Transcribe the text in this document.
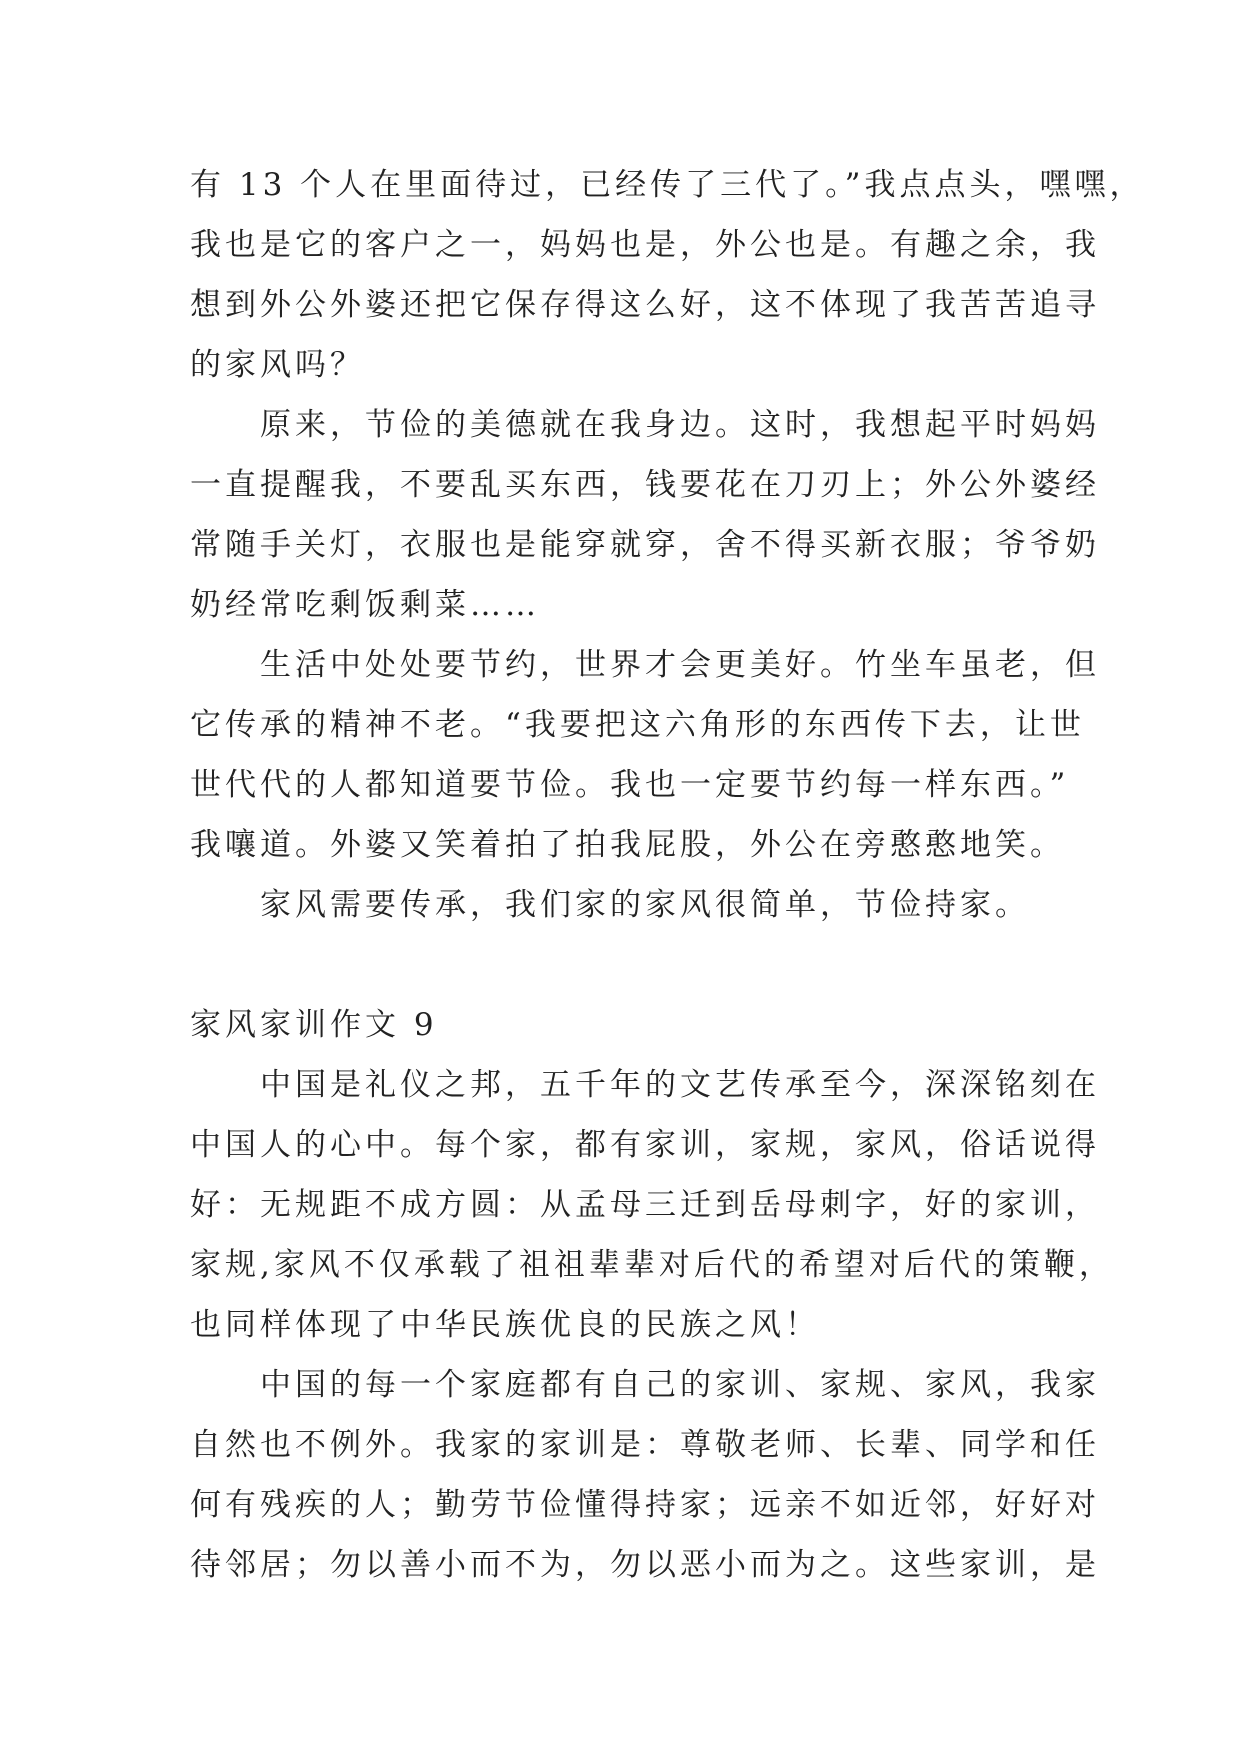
有 13 个人在里面待过，已经传了三代了。”我点点头，嘿嘿，
我也是它的客户之一，妈妈也是，外公也是。有趣之余，我
想到外公外婆还把它保存得这么好，这不体现了我苦苦追寻
的家风吗？
原来，节俭的美德就在我身边。这时，我想起平时妈妈
一直提醒我，不要乱买东西，钱要花在刀刃上；外公外婆经
常随手关灯，衣服也是能穿就穿，舍不得买新衣服；爷爷奶
奶经常吃剩饭剩菜……
生活中处处要节约，世界才会更美好。竹坐车虽老，但
它传承的精神不老。“我要把这六角形的东西传下去，让世
世代代的人都知道要节俭。我也一定要节约每一样东西。”
我嚷道。外婆又笑着拍了拍我屁股，外公在旁憨憨地笑。
家风需要传承，我们家的家风很简单，节俭持家。
家风家训作文 9
中国是礼仪之邦，五千年的文艺传承至今，深深铭刻在
中国人的心中。每个家，都有家训，家规，家风，俗话说得
好：无规距不成方圆：从孟母三迁到岳母刺字，好的家训，
家规,家风不仅承载了祖祖辈辈对后代的希望对后代的策鞭，
也同样体现了中华民族优良的民族之风！
中国的每一个家庭都有自己的家训、家规、家风，我家
自然也不例外。我家的家训是：尊敬老师、长辈、同学和任
何有残疾的人；勤劳节俭懂得持家；远亲不如近邻，好好对
待邻居；勿以善小而不为，勿以恶小而为之。这些家训，是
